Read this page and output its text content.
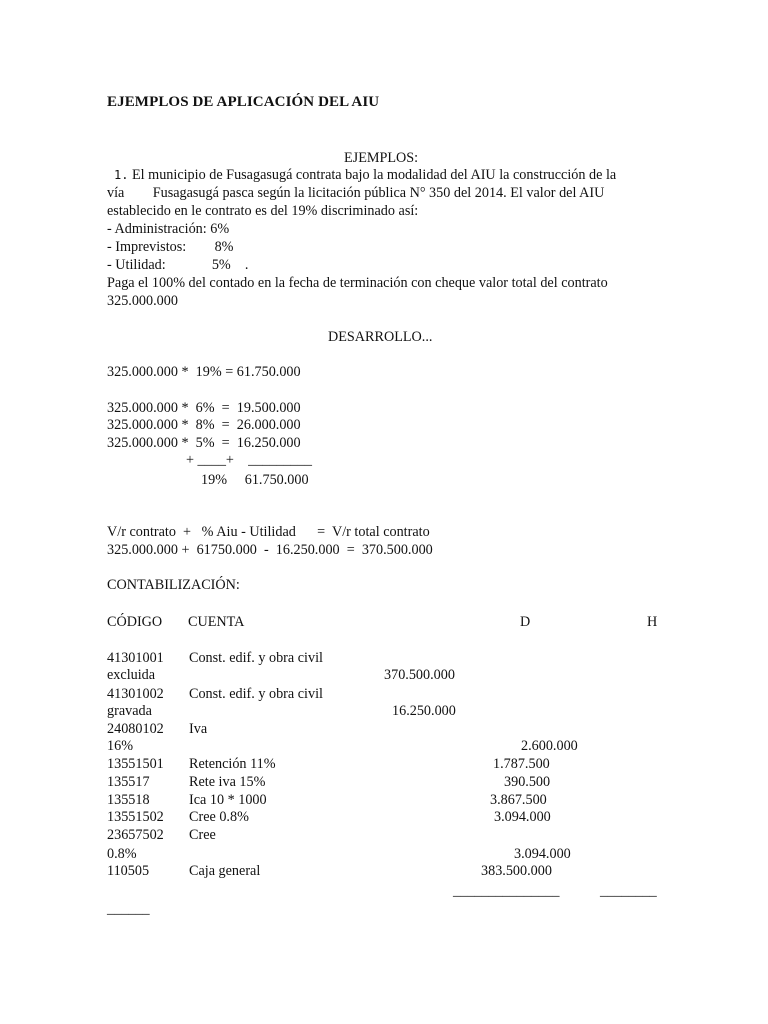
EJEMPLOS DE APLICACIÓN DEL AIU
EJEMPLOS:
1. El municipio de Fusagasugá contrata bajo la modalidad del AIU la construcción de la
vía        Fusagasugá pasca según la licitación pública N° 350 del 2014. El valor del AIU
establecido en le contrato es del 19% discriminado así:
- Administración: 6%
- Imprevistos:        8%
- Utilidad:             5%    .
Paga el 100% del contado en la fecha de terminación con cheque valor total del contrato
325.000.000
DESARROLLO...
325.000.000 *  19% = 61.750.000
325.000.000 *  6%  =  19.500.000
325.000.000 *  8%  =  26.000.000
325.000.000 *  5%  =  16.250.000
+ ____+    _________
19%     61.750.000
V/r contrato  +   % Aiu - Utilidad      =  V/r total contrato
325.000.000 +  61750.000  -  16.250.000  =  370.500.000
CONTABILIZACIÓN:
CÓDIGO CUENTA	D	H
41301001 Const. edif. y obra civil
excluida	370.500.000
41301002 Const. edif. y obra civil
gravada	16.250.000
24080102 Iva
16%	2.600.000
13551501 Retención 11%	1.787.500
135517	Rete iva 15%	390.500
135518	Ica 10 * 1000	3.867.500
13551502 Cree 0.8%	3.094.000
23657502 Cree
0.8%	3.094.000
110505	Caja general	383.500.000
_______________	________
______
